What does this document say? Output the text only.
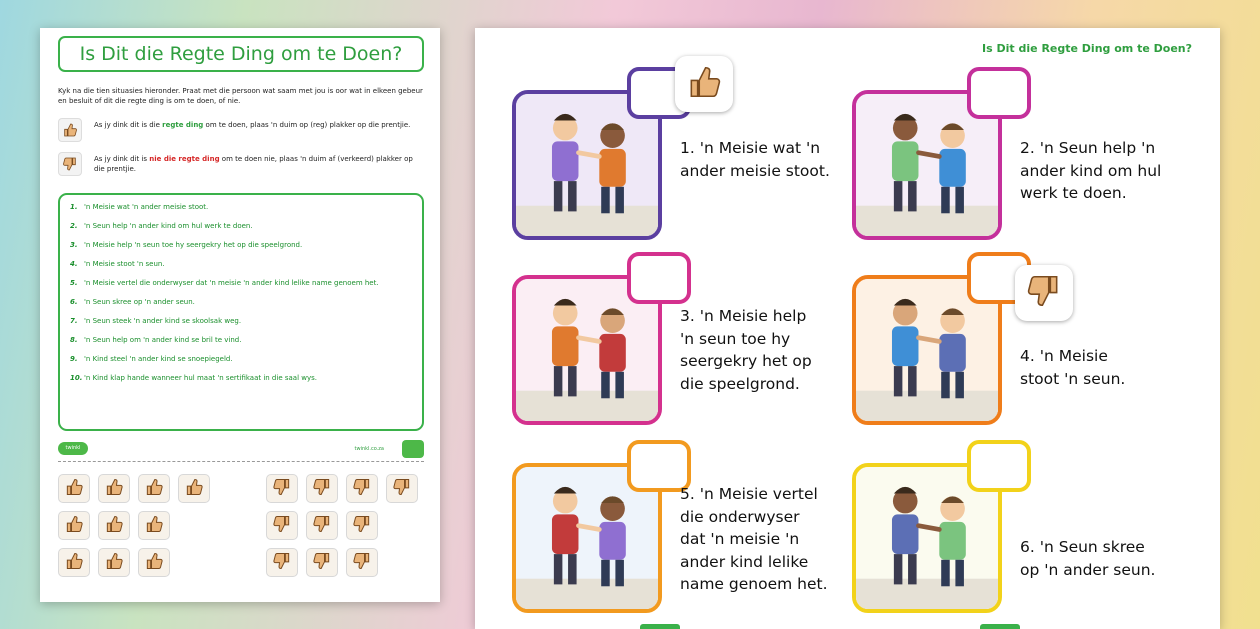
Is Dit die Regte Ding om te Doen?
Kyk na die tien situasies hieronder. Praat met die persoon wat saam met jou is oor wat in elkeen gebeur en besluit of dit die regte ding is om te doen, of nie.
As jy dink dit is die regte ding om te doen, plaas 'n duim op (reg) plakker op die prentjie.
As jy dink dit is nie die regte ding om te doen nie, plaas 'n duim af (verkeerd) plakker op die prentjie.
1. 'n Meisie wat 'n ander meisie stoot.
2. 'n Seun help 'n ander kind om hul werk te doen.
3. 'n Meisie help 'n seun toe hy seergekry het op die speelgrond.
4. 'n Meisie stoot 'n seun.
5. 'n Meisie vertel die onderwyser dat 'n meisie 'n ander kind lelike name genoem het.
6. 'n Seun skree op 'n ander seun.
7. 'n Seun steek 'n ander kind se skoolsak weg.
8. 'n Seun help om 'n ander kind se bril te vind.
9. 'n Kind steel 'n ander kind se snoepiegeld.
10. 'n Kind klap hande wanneer hul maat 'n sertifikaat in die saal wys.
twinkl	twinkl.co.za
Is Dit die Regte Ding om te Doen?
1. 'n Meisie wat 'n
ander meisie stoot.
2. 'n Seun help 'n
ander kind om hul
werk te doen.
3. 'n Meisie help
'n seun toe hy
seergekry het op
die speelgrond.
4. 'n Meisie
stoot 'n seun.
5. 'n Meisie vertel
die onderwyser
dat 'n meisie 'n
ander kind lelike
name genoem het.
6. 'n Seun skree
op 'n ander seun.
